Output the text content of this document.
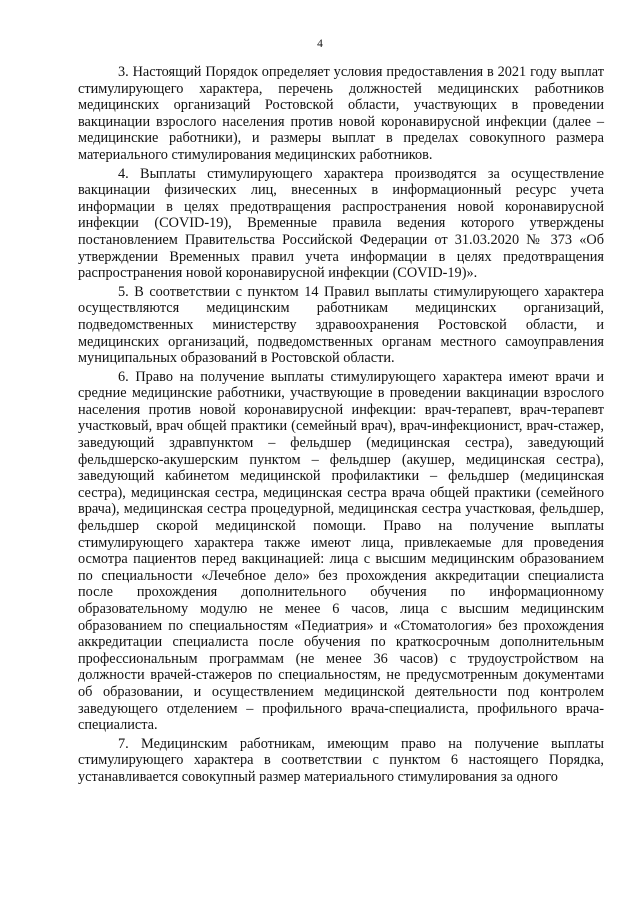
4

3. Настоящий Порядок определяет условия предоставления в 2021 году выплат стимулирующего характера, перечень должностей медицинских работников медицинских организаций Ростовской области, участвующих в проведении вакцинации взрослого населения против новой коронавирусной инфекции (далее – медицинские работники), и размеры выплат в пределах совокупного размера материального стимулирования медицинских работников.

4. Выплаты стимулирующего характера производятся за осуществление вакцинации физических лиц, внесенных в информационный ресурс учета информации в целях предотвращения распространения новой коронавирусной инфекции (COVID-19), Временные правила ведения которого утверждены постановлением Правительства Российской Федерации от 31.03.2020 № 373 «Об утверждении Временных правил учета информации в целях предотвращения распространения новой коронавирусной инфекции (COVID-19)».

5. В соответствии с пунктом 14 Правил выплаты стимулирующего характера осуществляются медицинским работникам медицинских организаций, подведомственных министерству здравоохранения Ростовской области, и медицинских организаций, подведомственных органам местного самоуправления муниципальных образований в Ростовской области.

6. Право на получение выплаты стимулирующего характера имеют врачи и средние медицинские работники, участвующие в проведении вакцинации взрослого населения против новой коронавирусной инфекции: врач-терапевт, врач-терапевт участковый, врач общей практики (семейный врач), врач-инфекционист, врач-стажер, заведующий здравпунктом – фельдшер (медицинская сестра), заведующий фельдшерско-акушерским пунктом – фельдшер (акушер, медицинская сестра), заведующий кабинетом медицинской профилактики – фельдшер (медицинская сестра), медицинская сестра, медицинская сестра врача общей практики (семейного врача), медицинская сестра процедурной, медицинская сестра участковая, фельдшер, фельдшер скорой медицинской помощи. Право на получение выплаты стимулирующего характера также имеют лица, привлекаемые для проведения осмотра пациентов перед вакцинацией: лица с высшим медицинским образованием по специальности «Лечебное дело» без прохождения аккредитации специалиста после прохождения дополнительного обучения по информационному образовательному модулю не менее 6 часов, лица с высшим медицинским образованием по специальностям «Педиатрия» и «Стоматология» без прохождения аккредитации специалиста после обучения по краткосрочным дополнительным профессиональным программам (не менее 36 часов) с трудоустройством на должности врачей-стажеров по специальностям, не предусмотренным документами об образовании, и осуществлением медицинской деятельности под контролем заведующего отделением – профильного врача-специалиста, профильного врача-специалиста.

7. Медицинским работникам, имеющим право на получение выплаты стимулирующего характера в соответствии с пунктом 6 настоящего Порядка, устанавливается совокупный размер материального стимулирования за одного
